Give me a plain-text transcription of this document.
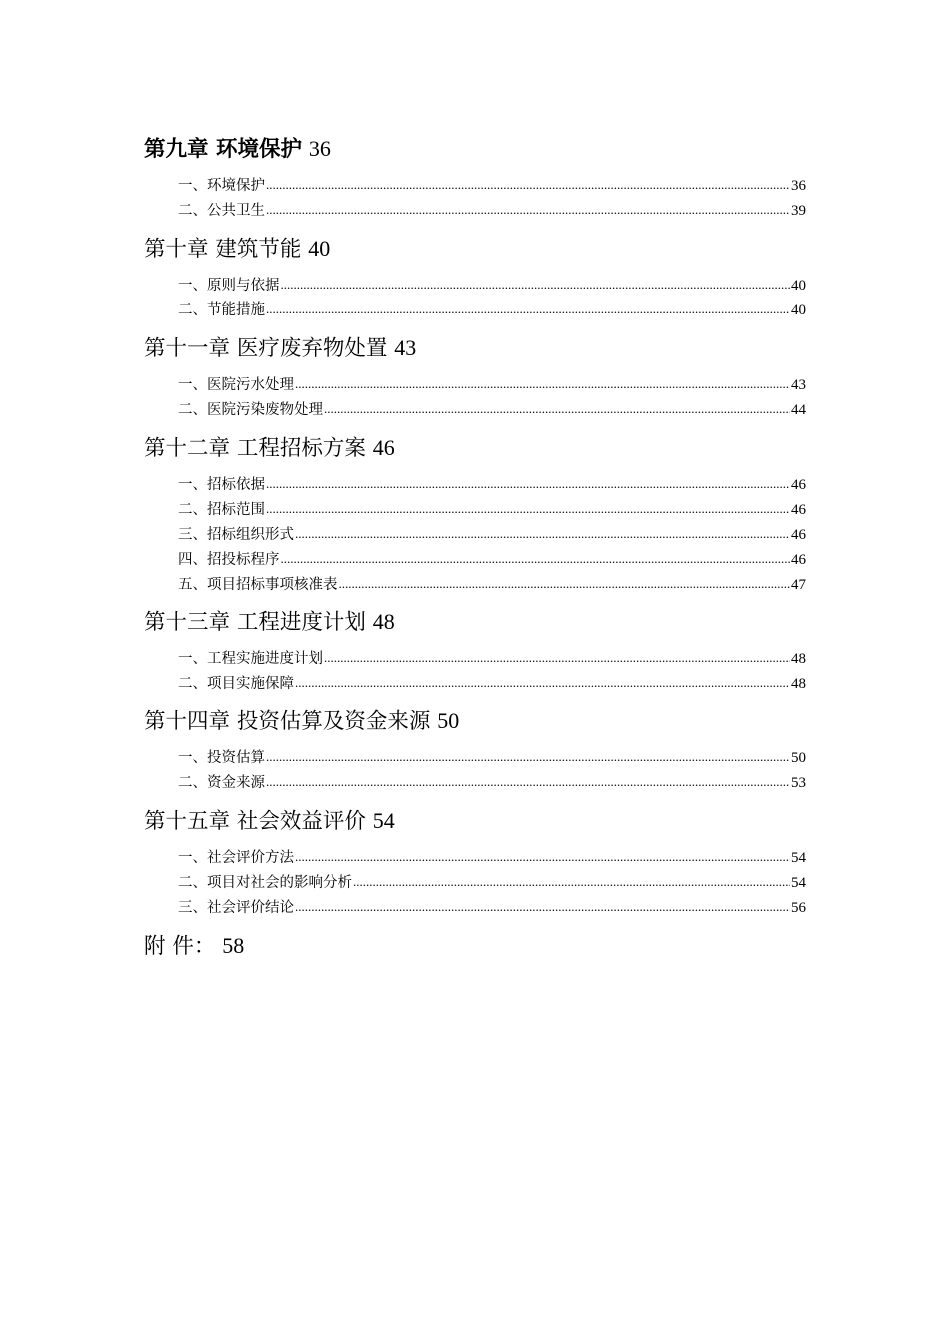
第九章 环境保护 36
一、环境保护 .....	36
二、公共卫生 .....	39
第十章 建筑节能 40
一、原则与依据 .....	40
二、节能措施 .....	40
第十一章 医疗废弃物处置 43
一、医院污水处理 .....	43
二、医院污染废物处理 .....	44
第十二章 工程招标方案 46
一、招标依据 .....	46
二、招标范围 .....	46
三、招标组织形式 .....	46
四、招投标程序 .....	46
五、项目招标事项核准表 .....	47
第十三章 工程进度计划 48
一、工程实施进度计划 .....	48
二、项目实施保障 .....	48
第十四章 投资估算及资金来源 50
一、投资估算 .....	50
二、资金来源 .....	53
第十五章 社会效益评价 54
一、社会评价方法 .....	54
二、项目对社会的影响分析 .....	54
三、社会评价结论 .....	56
附 件： 58
